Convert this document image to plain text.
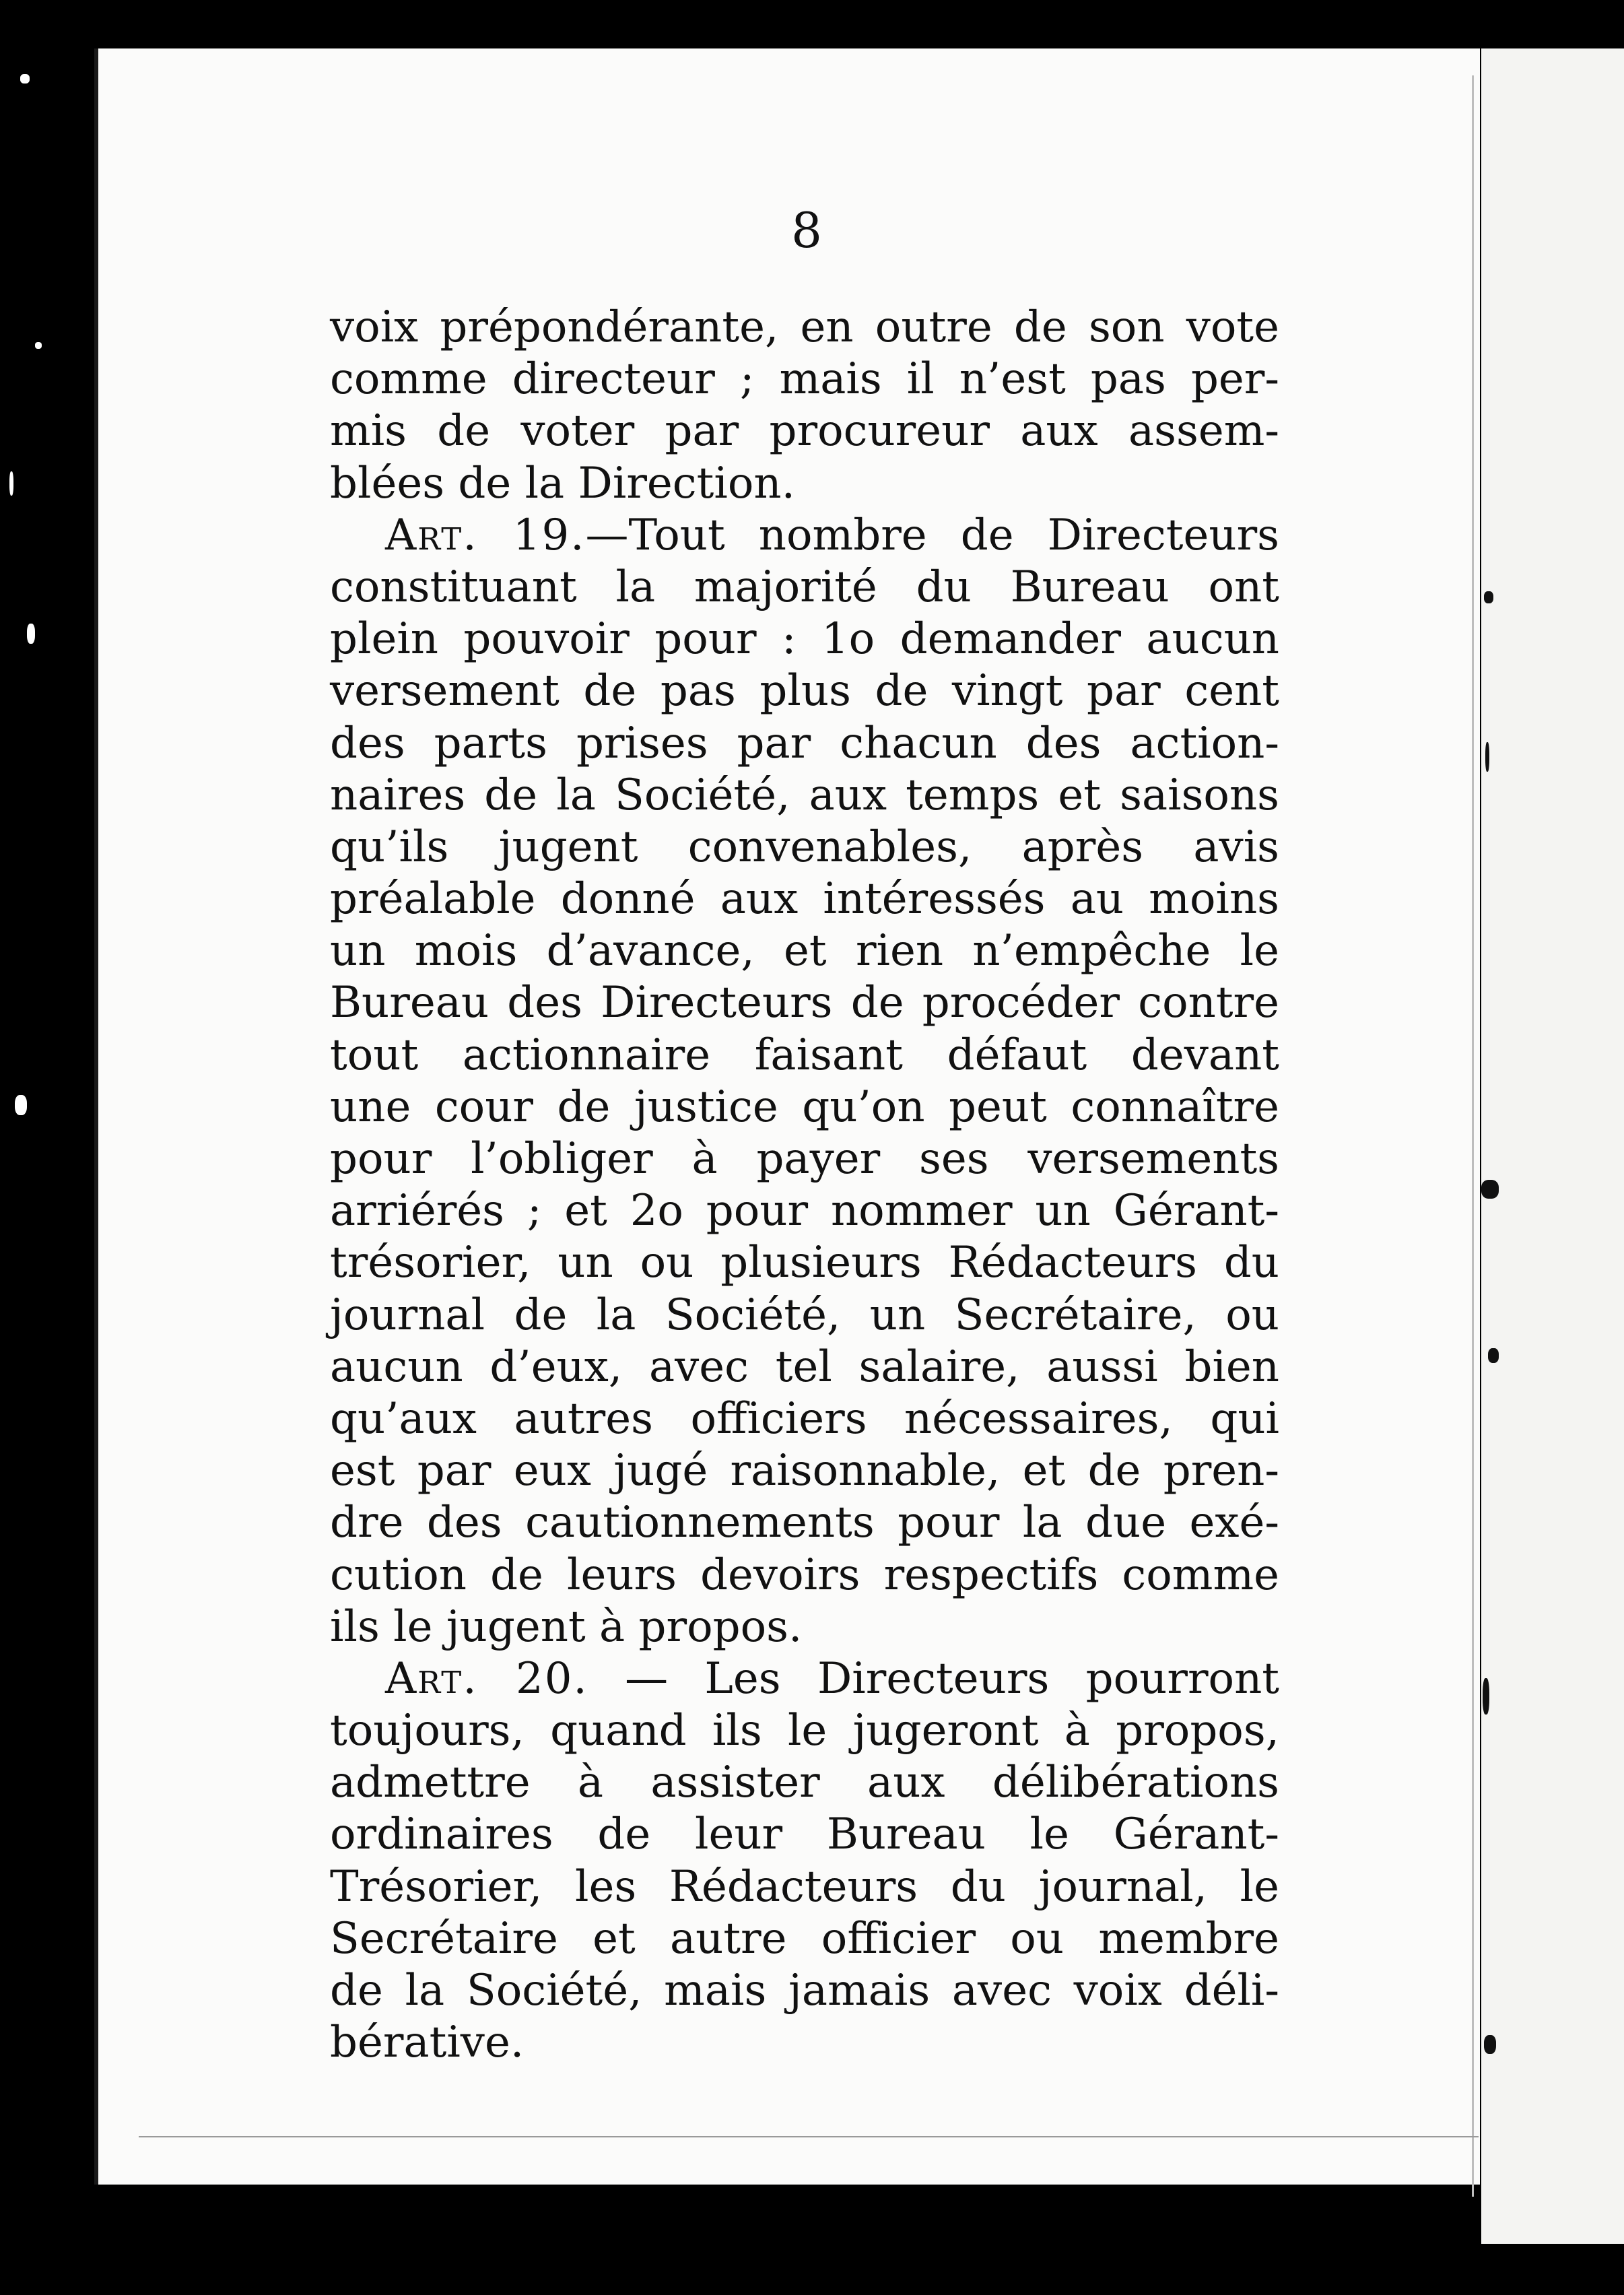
8
voix prépondérante, en outre de son vote
comme directeur ; mais il n’est pas per-
mis de voter par procureur aux assem-
blées de la Direction.
Art. 19.—Tout nombre de Directeurs
constituant la majorité du Bureau ont
plein pouvoir pour : 1o demander aucun
versement de pas plus de vingt par cent
des parts prises par chacun des action-
naires de la Société, aux temps et saisons
qu’ils jugent convenables, après avis
préalable donné aux intéressés au moins
un mois d’avance, et rien n’empêche le
Bureau des Directeurs de procéder contre
tout actionnaire faisant défaut devant
une cour de justice qu’on peut connaître
pour l’obliger à payer ses versements
arriérés ; et 2o pour nommer un Gérant-
trésorier, un ou plusieurs Rédacteurs du
journal de la Société, un Secrétaire, ou
aucun d’eux, avec tel salaire, aussi bien
qu’aux autres officiers nécessaires, qui
est par eux jugé raisonnable, et de pren-
dre des cautionnements pour la due exé-
cution de leurs devoirs respectifs comme
ils le jugent à propos.
Art. 20. — Les Directeurs pourront
toujours, quand ils le jugeront à propos,
admettre à assister aux délibérations
ordinaires de leur Bureau le Gérant-
Trésorier, les Rédacteurs du journal, le
Secrétaire et autre officier ou membre
de la Société, mais jamais avec voix déli-
bérative.
